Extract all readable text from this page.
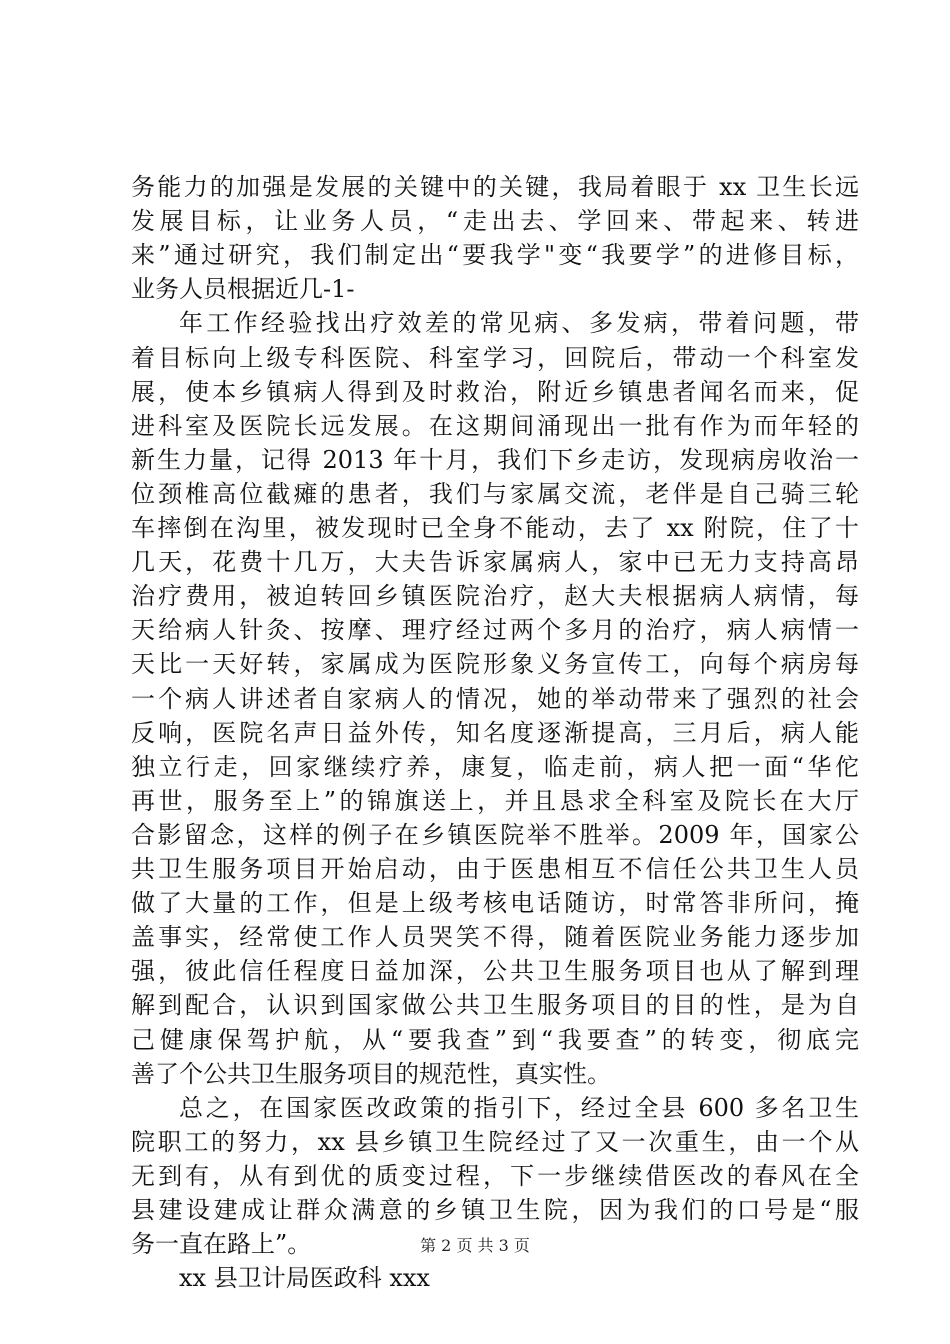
务能力的加强是发展的关键中的关键，我局着眼于 xx 卫生长远
发展目标，让业务人员，“走出去、学回来、带起来、转进
来”通过研究，我们制定出“要我学"变“我要学”的进修目标，
业务人员根据近几-1-
年工作经验找出疗效差的常见病、多发病，带着问题，带
着目标向上级专科医院、科室学习，回院后，带动一个科室发
展，使本乡镇病人得到及时救治，附近乡镇患者闻名而来，促
进科室及医院长远发展。在这期间涌现出一批有作为而年轻的
新生力量，记得 2013 年十月，我们下乡走访，发现病房收治一
位颈椎高位截瘫的患者，我们与家属交流，老伴是自己骑三轮
车摔倒在沟里，被发现时已全身不能动，去了 xx 附院，住了十
几天，花费十几万，大夫告诉家属病人，家中已无力支持高昂
治疗费用，被迫转回乡镇医院治疗，赵大夫根据病人病情，每
天给病人针灸、按摩、理疗经过两个多月的治疗，病人病情一
天比一天好转，家属成为医院形象义务宣传工，向每个病房每
一个病人讲述者自家病人的情况，她的举动带来了强烈的社会
反响，医院名声日益外传，知名度逐渐提高，三月后，病人能
独立行走，回家继续疗养，康复，临走前，病人把一面“华佗
再世，服务至上”的锦旗送上，并且恳求全科室及院长在大厅
合影留念，这样的例子在乡镇医院举不胜举。2009 年，国家公
共卫生服务项目开始启动，由于医患相互不信任公共卫生人员
做了大量的工作，但是上级考核电话随访，时常答非所问，掩
盖事实，经常使工作人员哭笑不得，随着医院业务能力逐步加
强，彼此信任程度日益加深，公共卫生服务项目也从了解到理
解到配合，认识到国家做公共卫生服务项目的目的性，是为自
己健康保驾护航，从“要我查”到“我要查”的转变，彻底完
善了个公共卫生服务项目的规范性，真实性。
总之，在国家医改政策的指引下，经过全县 600 多名卫生
院职工的努力，xx 县乡镇卫生院经过了又一次重生，由一个从
无到有，从有到优的质变过程，下一步继续借医改的春风在全
县建设建成让群众满意的乡镇卫生院，因为我们的口号是“服
务一直在路上”。
xx 县卫计局医政科 xxx
第 2 页 共 3 页
